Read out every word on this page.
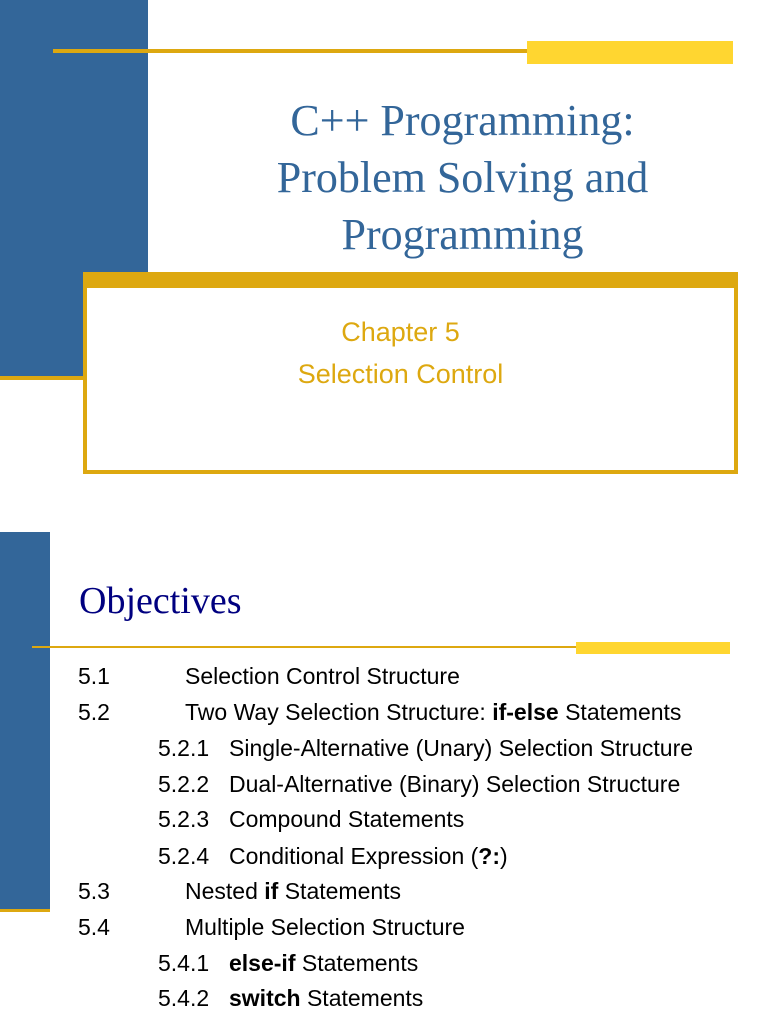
C++ Programming:
Problem Solving and
Programming
Chapter 5
Selection Control
Objectives
5.1	Selection Control Structure
5.2	Two Way Selection Structure: if-else Statements
5.2.1 Single-Alternative (Unary) Selection Structure
5.2.2 Dual-Alternative (Binary) Selection Structure
5.2.3 Compound Statements
5.2.4 Conditional Expression (?:)
5.3	Nested if Statements
5.4	Multiple Selection Structure
5.4.1 else-if Statements
5.4.2 switch Statements
